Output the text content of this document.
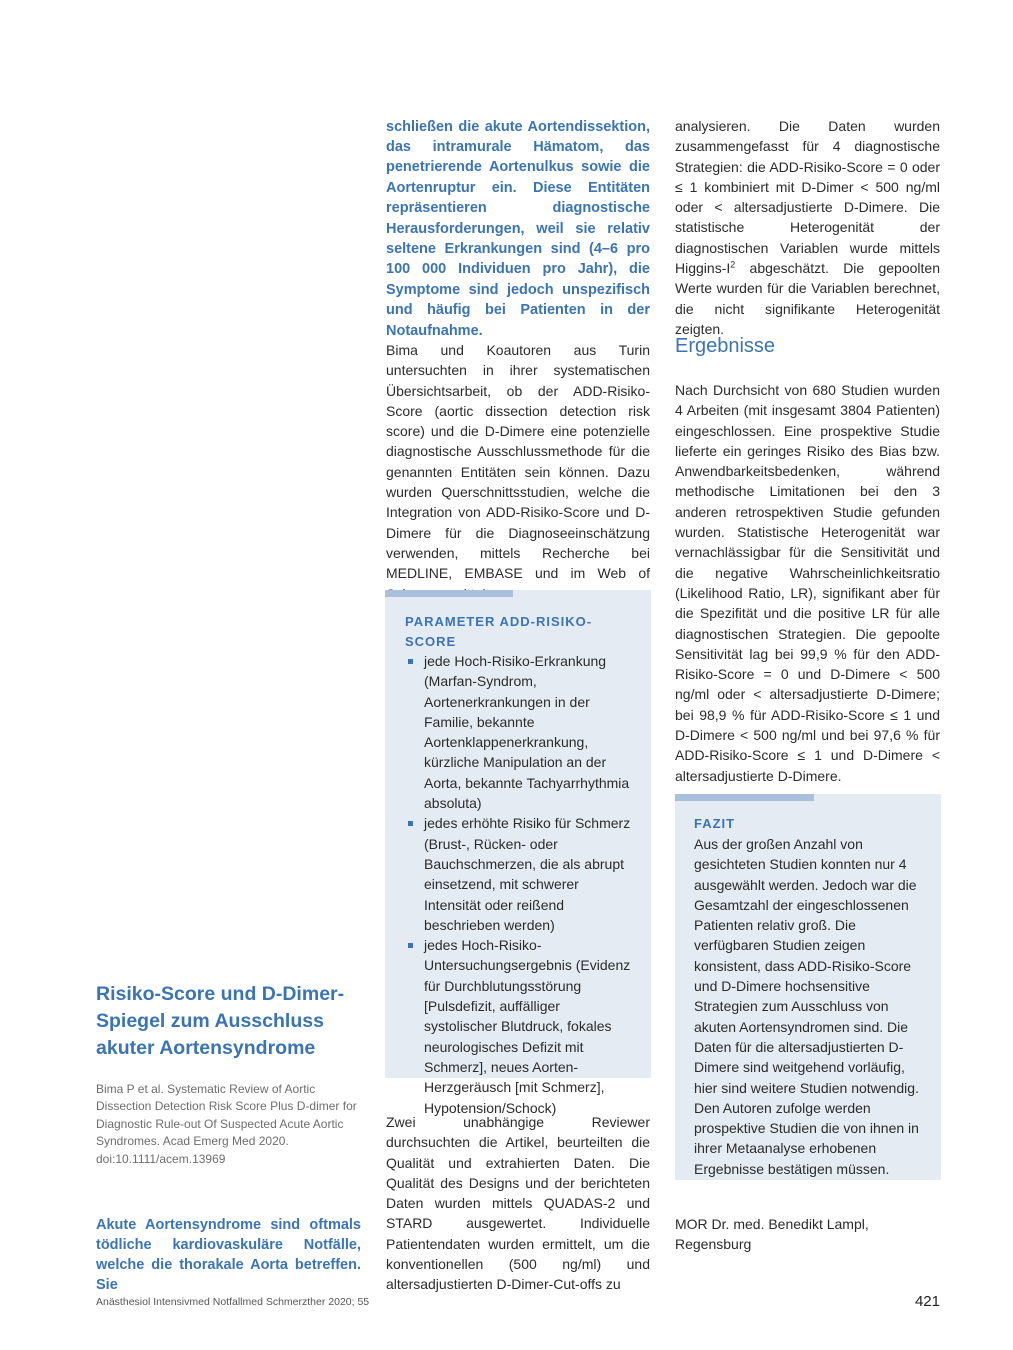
Risiko-Score und D-Dimer-Spiegel zum Ausschluss akuter Aortensyndrome

Bima P et al. Systematic Review of Aortic Dissection Detection Risk Score Plus D-dimer for Diagnostic Rule-out Of Suspected Acute Aortic Syndromes. Acad Emerg Med 2020. doi:10.1111/acem.13969

Akute Aortensyndrome sind oftmals tödliche kardiovaskuläre Notfälle, welche die thorakale Aorta betreffen. Sie

schließen die akute Aortendissektion, das intramurale Hämatom, das penetrierende Aortenulkus sowie die Aortenruptur ein. Diese Entitäten repräsentieren diagnostische Herausforderungen, weil sie relativ seltene Erkrankungen sind (4–6 pro 100 000 Individuen pro Jahr), die Symptome sind jedoch unspezifisch und häufig bei Patienten in der Notaufnahme.

Bima und Koautoren aus Turin untersuchten in ihrer systematischen Übersichtsarbeit, ob der ADD-Risiko-Score (aortic dissection detection risk score) und die D-Dimere eine potenzielle diagnostische Ausschlussmethode für die genannten Entitäten sein können. Dazu wurden Querschnittsstudien, welche die Integration von ADD-Risiko-Score und D-Dimere für die Diagnoseeinschätzung verwenden, mittels Recherche bei MEDLINE, EMBASE und im Web of

PARAMETER ADD-RISIKO-SCORE

jede Hoch-Risiko-Erkrankung (Marfan-Syndrom, Aortenerkrankungen in der Familie, bekannte Aortenklappenerkrankung, kürzliche Manipulation an der Aorta, bekannte Tachyarrhythmia absoluta)
jedes erhöhte Risiko für Schmerz (Brust-, Rücken- oder Bauchschmerzen, die als abrupt einsetzend, mit schwerer Intensität oder reißend beschrieben werden)
jedes Hoch-Risiko-Untersuchungsergebnis (Evidenz für Durchblutungsstörung [Pulsdefizit, auffälliger systolischer Blutdruck, fokales neurologisches Defizit mit Schmerz], neues Aorten-Herzgeräusch [mit Schmerz], Hypotension/Schock)

Zwei unabhängige Reviewer durchsuchten die Artikel, beurteilten die Qualität und extrahierten Daten. Die Qualität des Designs und der berichteten Daten wurden mittels QUADAS-2 und STARD ausgewertet. Individuelle Patientendaten wurden ermittelt, um die konventionellen (500 ng/ml) und altersadjustierten D-Dimer-Cut-offs zu

analysieren. Die Daten wurden zusammengefasst für 4 diagnostische Strategien: die ADD-Risiko-Score = 0 oder ≤ 1 kombiniert mit D-Dimer < 500 ng/ml oder < altersadjustierte D-Dimere. Die statistische Heterogenität der diagnostischen Variablen wurde mittels Higgins-$I^2$ abgeschätzt. Die gepoolten Werte wurden für die Variablen berechnet, die nicht signifikante Heterogenität zeigten.

Ergebnisse

Nach Durchsicht von 680 Studien wurden 4 Arbeiten (mit insgesamt 3804 Patienten) eingeschlossen. Eine prospektive Studie lieferte ein geringes Risiko des Bias bzw. Anwendbarkeitsbedenken, während methodische Limitationen bei den 3 anderen retrospektiven Studie gefunden wurden. Statistische Heterogenität war vernachlässigbar für die Sensitivität und die negative Wahrscheinlichkeitsratio (Likelihood Ratio, LR), signifikant aber für die Spezifität und die positive LR für alle diagnostischen Strategien. Die gepoolte Sensitivität lag bei 99,9 % für den ADD-Risiko-Score = 0 und D-Dimere < 500 ng/ml oder < altersadjustierte D-Dimere; bei 98,9 % für ADD-Risiko-Score ≤ 1 und D-Dimere < 500 ng/ml und bei 97,6 % für ADD-Risiko-Score ≤ 1 und D-Dimere < altersadjustierte D-Dimere.

FAZIT

Aus der großen Anzahl von gesichteten Studien konnten nur 4 ausgewählt werden. Jedoch war die Gesamtzahl der eingeschlossenen Patienten relativ groß. Die verfügbaren Studien zeigen konsistent, dass ADD-Risiko-Score und D-Dimere hochsensitive Strategien zum Ausschluss von akuten Aortensyndromen sind. Die Daten für die altersadjustierten D-Dimere sind weitgehend vorläufig, hier sind weitere Studien notwendig. Den Autoren zufolge werden prospektive Studien die von ihnen in ihrer Metaanalyse erhobenen Ergebnisse bestätigen müssen.

MOR Dr. med. Benedikt Lampl, Regensburg

Anästhesiol Intensivmed Notfallmed Schmerzther 2020; 55	421
